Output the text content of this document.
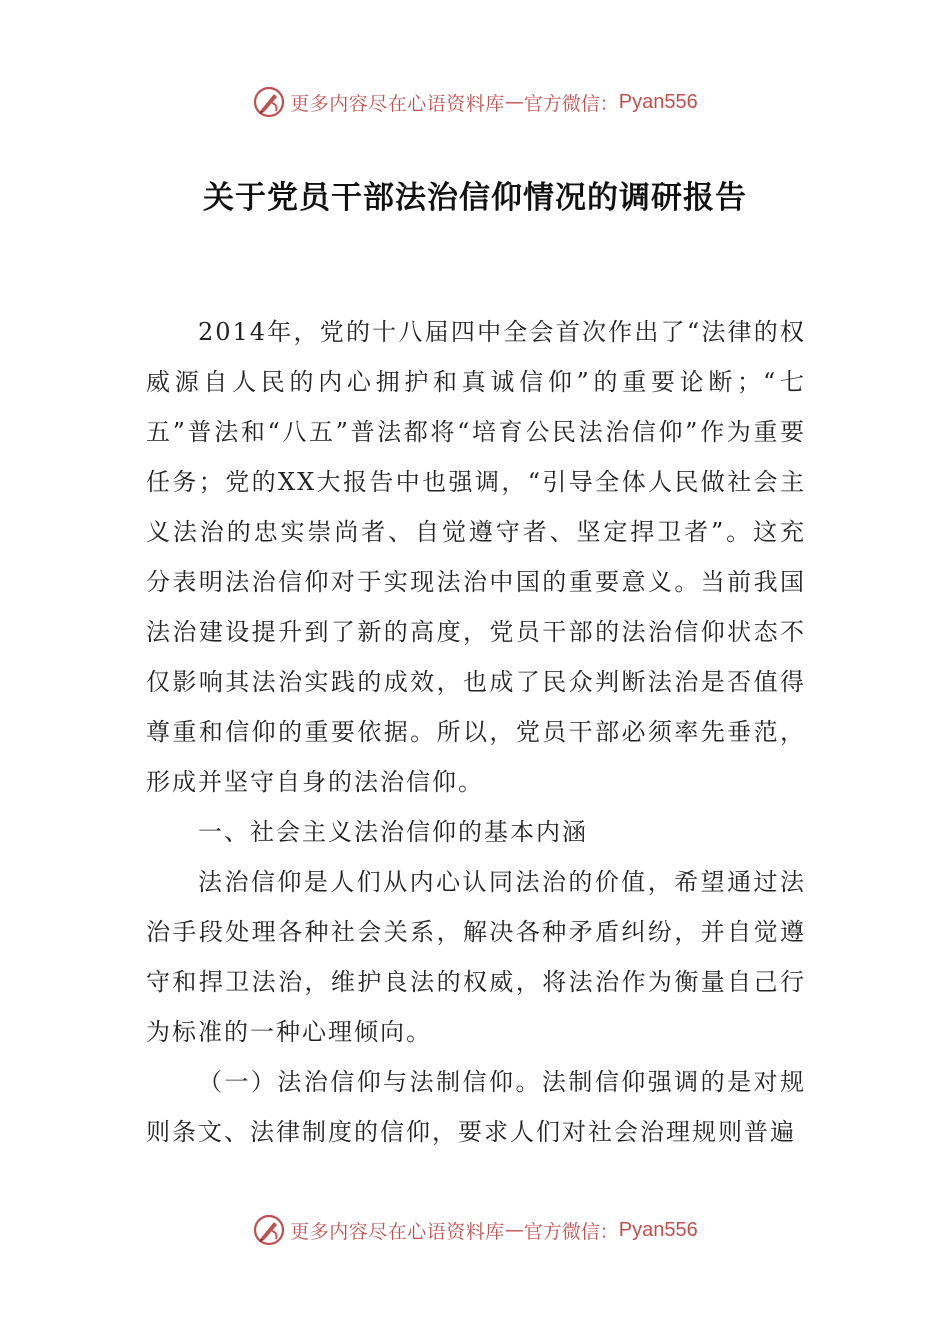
更多内容尽在心语资料库 — 官方微信： Pyan556
关于党员干部法治信仰情况的调研报告

2014年，党的十八届四中全会首次作出了“法律的权威源自人民的内心拥护和真诚信仰”的重要论断；“七五”普法和“八五”普法都将“培育公民法治信仰”作为重要任务；党的XX大报告中也强调，“引导全体人民做社会主义法治的忠实崇尚者、自觉遵守者、坚定捍卫者”。这充分表明法治信仰对于实现法治中国的重要意义。当前我国法治建设提升到了新的高度，党员干部的法治信仰状态不仅影响其法治实践的成效，也成了民众判断法治是否值得尊重和信仰的重要依据。所以，党员干部必须率先垂范，形成并坚守自身的法治信仰。

一、社会主义法治信仰的基本内涵

法治信仰是人们从内心认同法治的价值，希望通过法治手段处理各种社会关系，解决各种矛盾纠纷，并自觉遵守和捍卫法治，维护良法的权威，将法治作为衡量自己行为标准的一种心理倾向。

（一）法治信仰与法制信仰。法制信仰强调的是对规则条文、法律制度的信仰，要求人们对社会治理规则普遍

更多内容尽在心语资料库 — 官方微信： Pyan556
